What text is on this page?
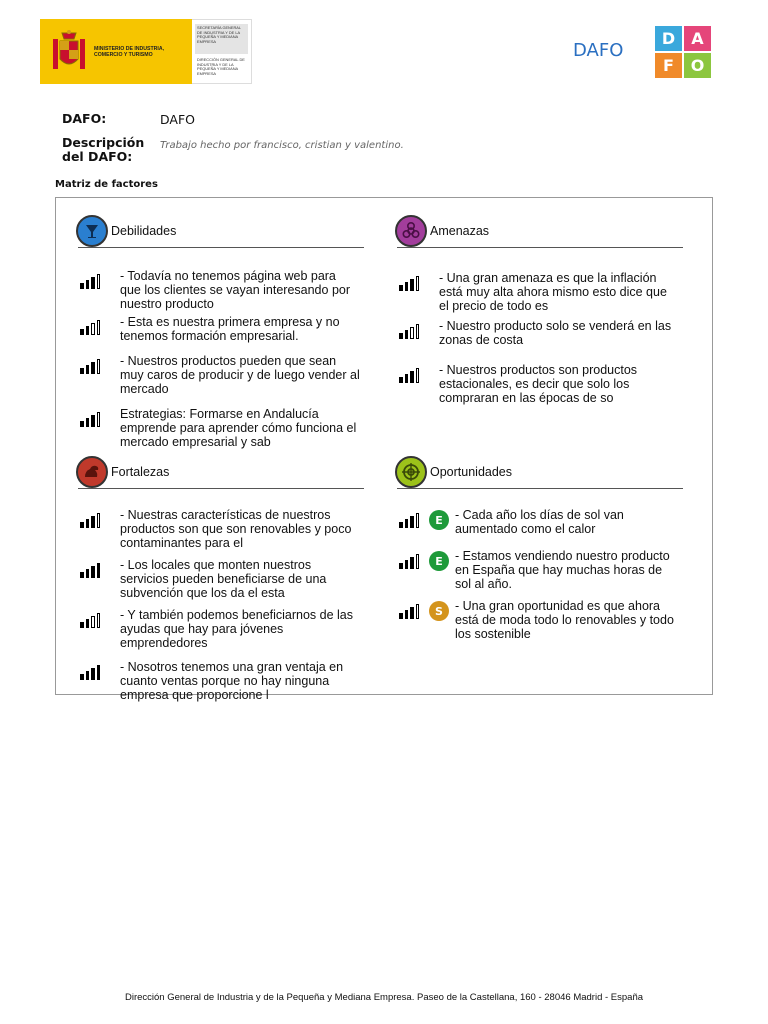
MINISTERIO DE INDUSTRIA, COMERCIO Y TURISMO
SECRETARÍA GENERAL DE INDUSTRIA Y DE LA PEQUEÑA Y MEDIANA EMPRESA
DIRECCIÓN GENERAL DE INDUSTRIA Y DE LA PEQUEÑA Y MEDIANA EMPRESA
DAFO
D	A
F	O
DAFO:	DAFO
Descripción
del DAFO:
Trabajo hecho por francisco, cristian y valentino.
Matriz de factores
Debilidades
- Todavía no tenemos página web para que los clientes se vayan interesando por nuestro producto
- Esta es nuestra primera empresa y no tenemos formación empresarial.
- Nuestros productos pueden que sean muy caros de producir y de luego vender al mercado
Estrategias: Formarse en Andalucía emprende para aprender cómo funciona el mercado empresarial y sab
Amenazas
- Una gran amenaza es que la inflación está muy alta ahora mismo esto dice que el precio de todo es
- Nuestro producto solo se venderá en las zonas de costa
- Nuestros productos son productos estacionales, es decir que solo los compraran en las épocas de so
Fortalezas
- Nuestras características de nuestros productos son que son renovables y poco contaminantes para el
- Los locales que monten nuestros servicios pueden beneficiarse de una subvención que los da el esta
- Y también podemos beneficiarnos de las ayudas que hay para jóvenes emprendedores
- Nosotros tenemos una gran ventaja en cuanto ventas porque no hay ninguna empresa que proporcione l
Oportunidades
E - Cada año los días de sol van aumentado como el calor
E - Estamos vendiendo nuestro producto en España que hay muchas horas de sol al año.
S - Una gran oportunidad es que ahora está de moda todo lo renovables y todo los sostenible
Dirección General de Industria y de la Pequeña y Mediana Empresa. Paseo de la Castellana, 160 - 28046 Madrid - España
